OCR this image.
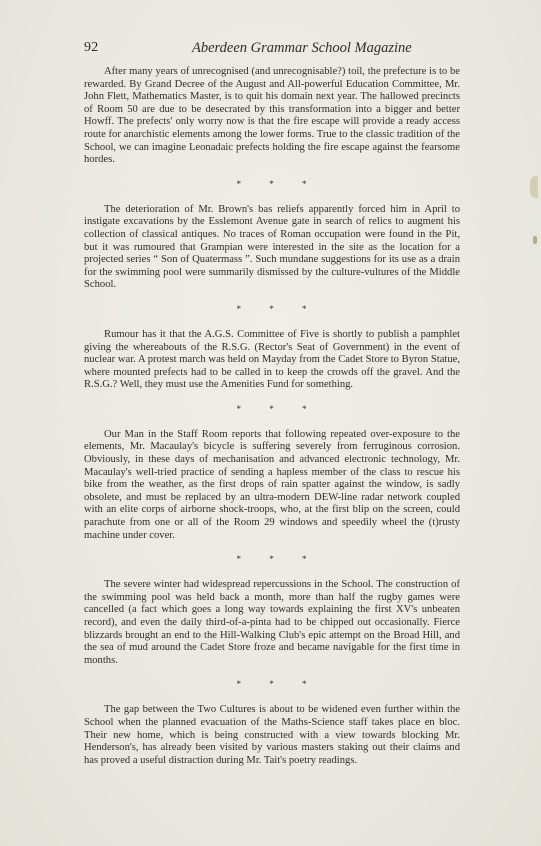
92	Aberdeen Grammar School Magazine

After many years of unrecognised (and unrecognisable?) toil, the prefecture is to be rewarded. By Grand Decree of the August and All-powerful Education Committee, Mr. John Flett, Mathematics Master, is to quit his domain next year. The hallowed precincts of Room 50 are due to be desecrated by this transformation into a bigger and better Howff. The prefects' only worry now is that the fire escape will provide a ready access route for anarchistic elements among the lower forms. True to the classic tradition of the School, we can imagine Leonadaic prefects holding the fire escape against the fearsome hordes.

* * *

The deterioration of Mr. Brown's bas reliefs apparently forced him in April to instigate excavations by the Esslemont Avenue gate in search of relics to augment his collection of classical antiques. No traces of Roman occupation were found in the Pit, but it was rumoured that Grampian were interested in the site as the location for a projected series “ Son of Quatermass ”. Such mundane suggestions for its use as a drain for the swimming pool were summarily dismissed by the culture-vultures of the Middle School.

* * *

Rumour has it that the A.G.S. Committee of Five is shortly to publish a pamphlet giving the whereabouts of the R.S.G. (Rector's Seat of Government) in the event of nuclear war. A protest march was held on Mayday from the Cadet Store to Byron Statue, where mounted prefects had to be called in to keep the crowds off the gravel. And the R.S.G.? Well, they must use the Amenities Fund for something.

* * *

Our Man in the Staff Room reports that following repeated over-exposure to the elements, Mr. Macaulay's bicycle is suffering severely from ferruginous corrosion. Obviously, in these days of mechanisation and advanced electronic technology, Mr. Macaulay's well-tried practice of sending a hapless member of the class to rescue his bike from the weather, as the first drops of rain spatter against the window, is sadly obsolete, and must be replaced by an ultra-modern DEW-line radar network coupled with an elite corps of airborne shock-troops, who, at the first blip on the screen, could parachute from one or all of the Room 29 windows and speedily wheel the (t)rusty machine under cover.

* * *

The severe winter had widespread repercussions in the School. The construction of the swimming pool was held back a month, more than half the rugby games were cancelled (a fact which goes a long way towards explaining the first XV's unbeaten record), and even the daily third-of-a-pinta had to be chipped out occasionally. Fierce blizzards brought an end to the Hill-Walking Club's epic attempt on the Broad Hill, and the sea of mud around the Cadet Store froze and became navigable for the first time in months.

* * *

The gap between the Two Cultures is about to be widened even further within the School when the planned evacuation of the Maths-Science staff takes place en bloc. Their new home, which is being constructed with a view towards blocking Mr. Henderson's, has already been visited by various masters staking out their claims and has proved a useful distraction during Mr. Tait's poetry readings.
